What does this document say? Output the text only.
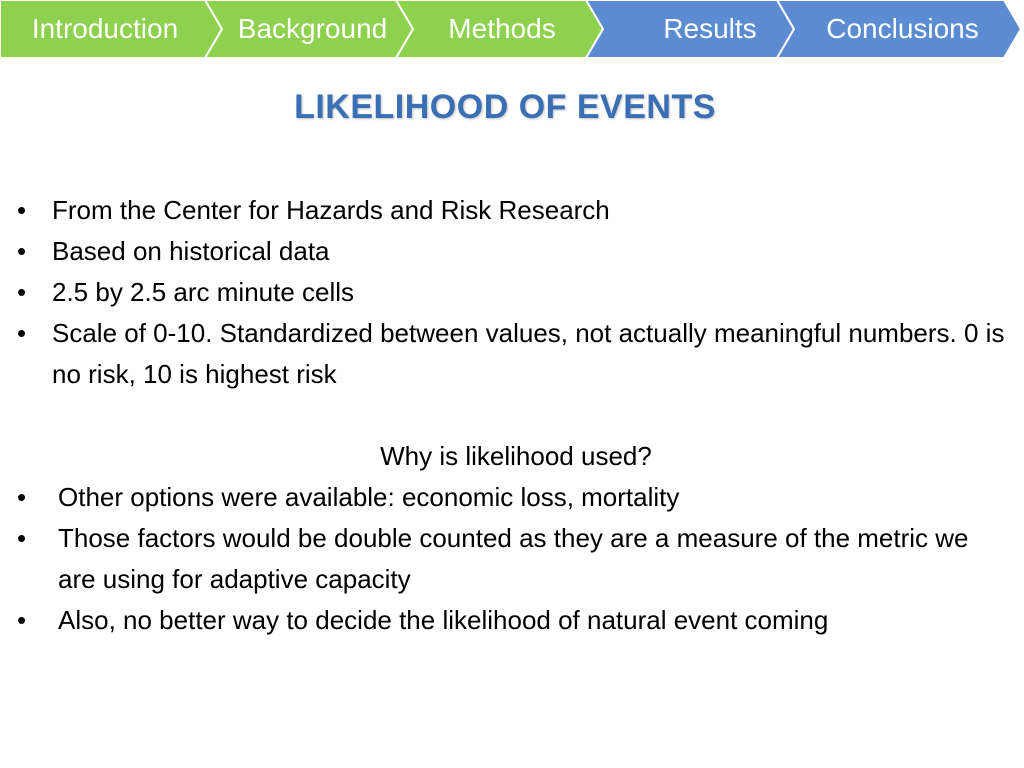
Introduction	Background	Methods	Results	Conclusions
LIKELIHOOD OF EVENTS
• From the Center for Hazards and Risk Research
• Based on historical data
• 2.5 by 2.5 arc minute cells
• Scale of 0-10. Standardized between values, not actually meaningful numbers. 0 is no risk, 10 is highest risk
Why is likelihood used?
• Other options were available: economic loss, mortality
• Those factors would be double counted as they are a measure of the metric we are using for adaptive capacity
• Also, no better way to decide the likelihood of natural event coming
